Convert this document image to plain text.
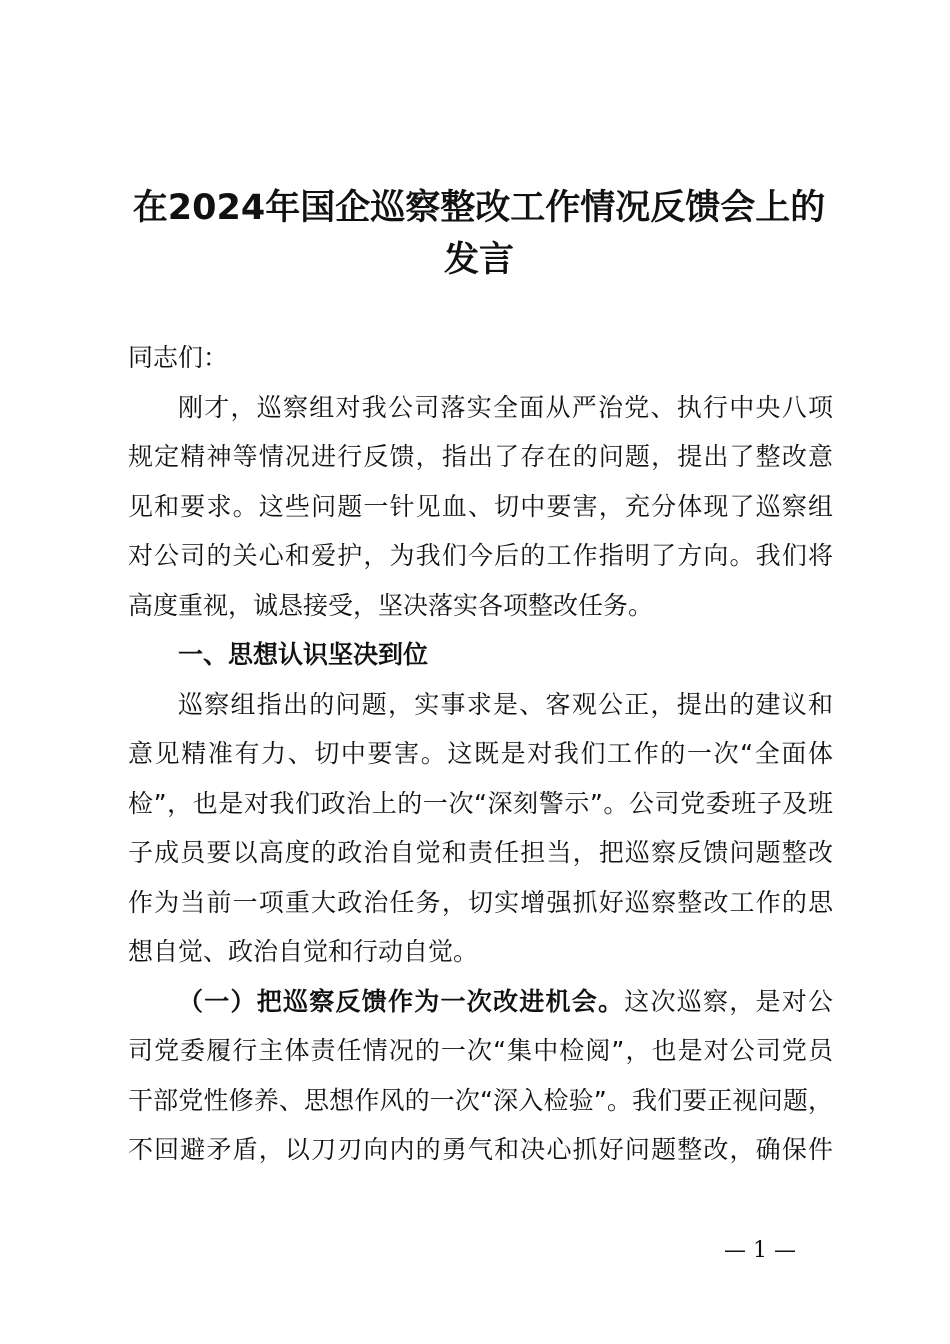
在2024年国企巡察整改工作情况反馈会上的
发言
同志们：
刚才，巡察组对我公司落实全面从严治党、执行中央八项
规定精神等情况进行反馈，指出了存在的问题，提出了整改意
见和要求。这些问题一针见血、切中要害，充分体现了巡察组
对公司的关心和爱护，为我们今后的工作指明了方向。我们将
高度重视，诚恳接受，坚决落实各项整改任务。
一、思想认识坚决到位
巡察组指出的问题，实事求是、客观公正，提出的建议和
意见精准有力、切中要害。这既是对我们工作的一次“全面体
检”，也是对我们政治上的一次“深刻警示”。公司党委班子及班
子成员要以高度的政治自觉和责任担当，把巡察反馈问题整改
作为当前一项重大政治任务，切实增强抓好巡察整改工作的思
想自觉、政治自觉和行动自觉。
（一）把巡察反馈作为一次改进机会。这次巡察，是对公
司党委履行主体责任情况的一次“集中检阅”，也是对公司党员
干部党性修养、思想作风的一次“深入检验”。我们要正视问题，
不回避矛盾，以刀刃向内的勇气和决心抓好问题整改，确保件
— 1 —
